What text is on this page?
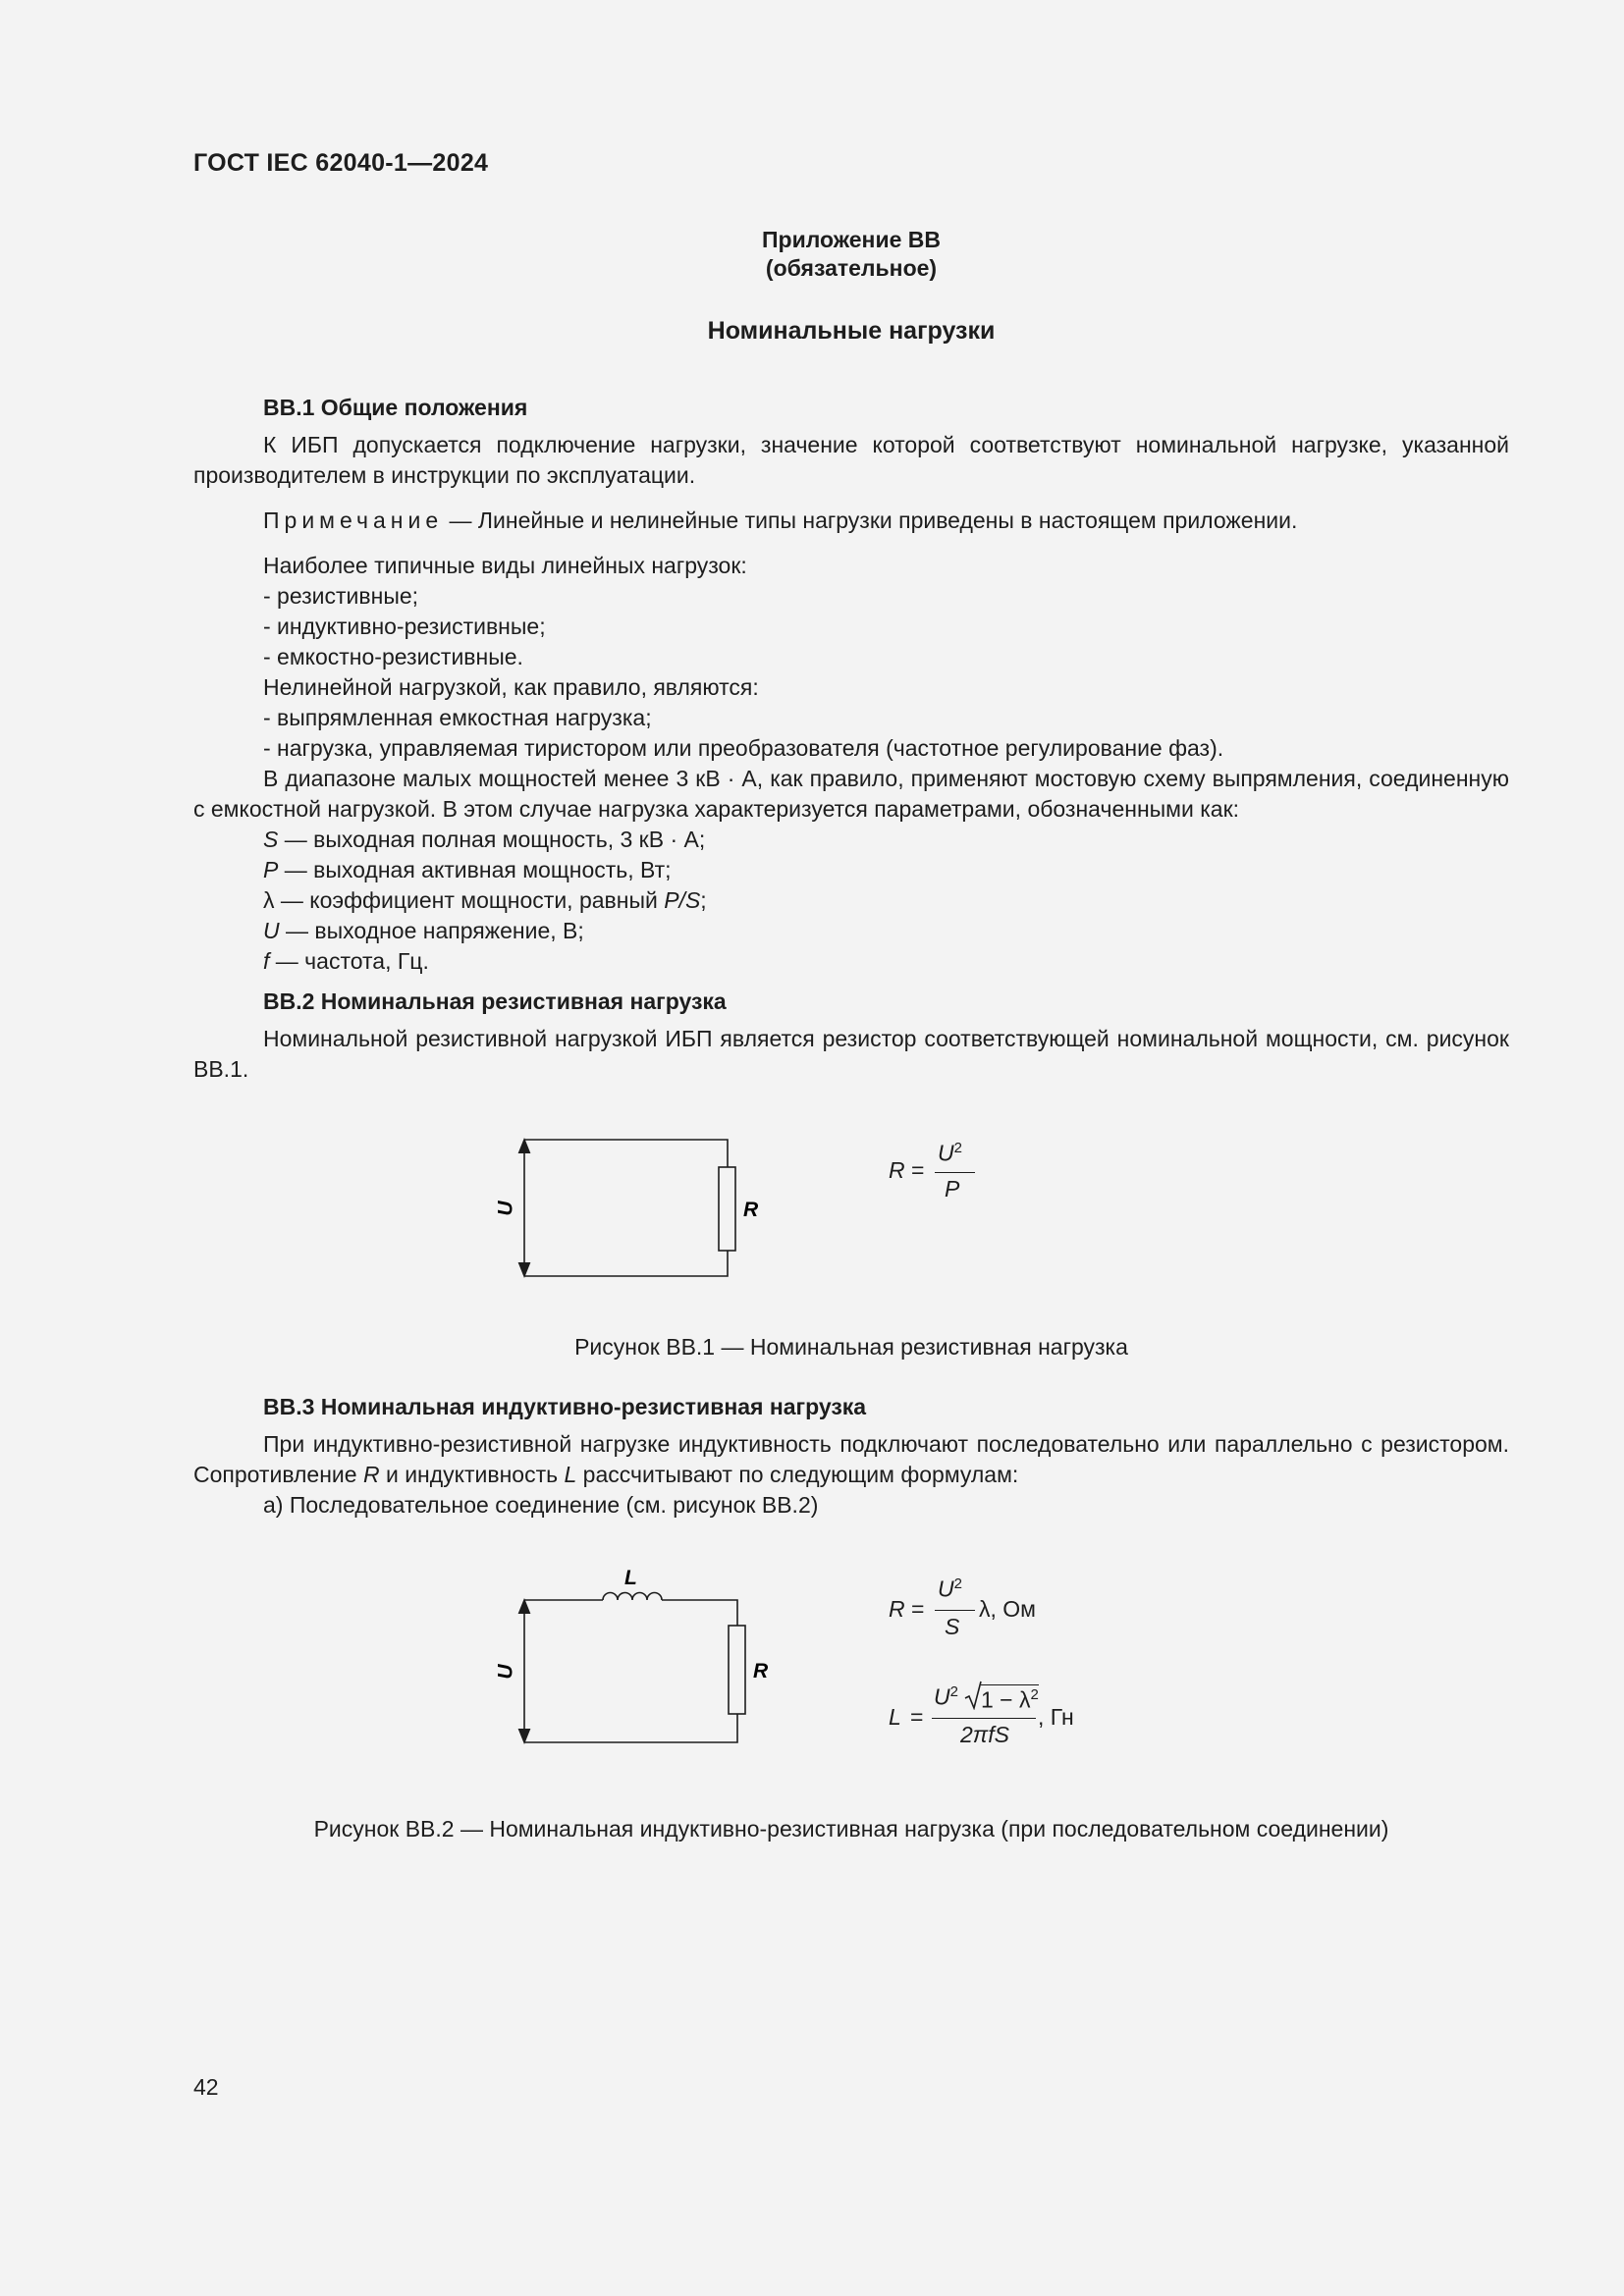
ГОСТ IEC 62040-1—2024
Приложение ВВ
(обязательное)
Номинальные нагрузки
ВВ.1 Общие положения

К ИБП допускается подключение нагрузки, значение которой соответствуют номинальной нагрузке, указанной производителем в инструкции по эксплуатации.

Примечание — Линейные и нелинейные типы нагрузки приведены в настоящем приложении.

Наиболее типичные виды линейных нагрузок:

- резистивные;

- индуктивно-резистивные;

- емкостно-резистивные.

Нелинейной нагрузкой, как правило, являются:

- выпрямленная емкостная нагрузка;

- нагрузка, управляемая тиристором или преобразователя (частотное регулирование фаз).

В диапазоне малых мощностей менее 3 кВ · А, как правило, применяют мостовую схему выпрямления, соединенную с емкостной нагрузкой. В этом случае нагрузка характеризуется параметрами, обозначенными как:

S — выходная полная мощность, 3 кВ · А;

P — выходная активная мощность, Вт;

λ — коэффициент мощности, равный P/S;

U — выходное напряжение, В;

f — частота, Гц.

ВВ.2 Номинальная резистивная нагрузка

Номинальной резистивной нагрузкой ИБП является резистор соответствующей номинальной мощности, см. рисунок ВВ.1.

U	R
R =
$U^2$
P
Рисунок ВВ.1 — Номинальная резистивная нагрузка
ВВ.3 Номинальная индуктивно-резистивная нагрузка

При индуктивно-резистивной нагрузке индуктивность подключают последовательно или параллельно с резистором. Сопротивление R и индуктивность L рассчитывают по следующим формулам:

а) Последовательное соединение (см. рисунок ВВ.2)

U	R
L
R =
$U^2$
S
λ, Ом
L =
$U^2$ $1 - \lambda^2$
2πfS
, Гн
Рисунок ВВ.2 — Номинальная индуктивно-резистивная нагрузка (при последовательном соединении)
42
